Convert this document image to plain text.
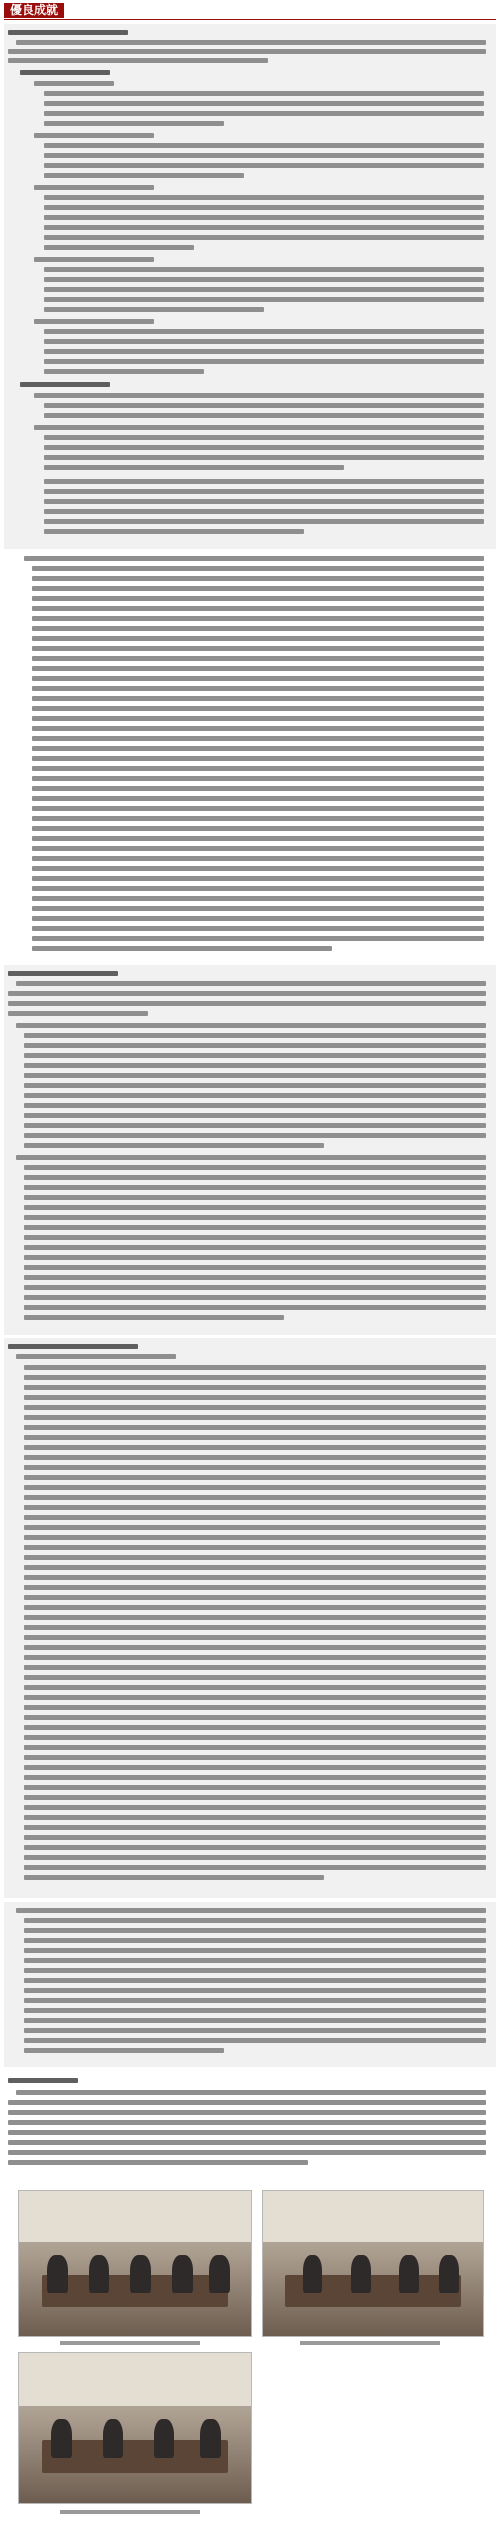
優良成就
